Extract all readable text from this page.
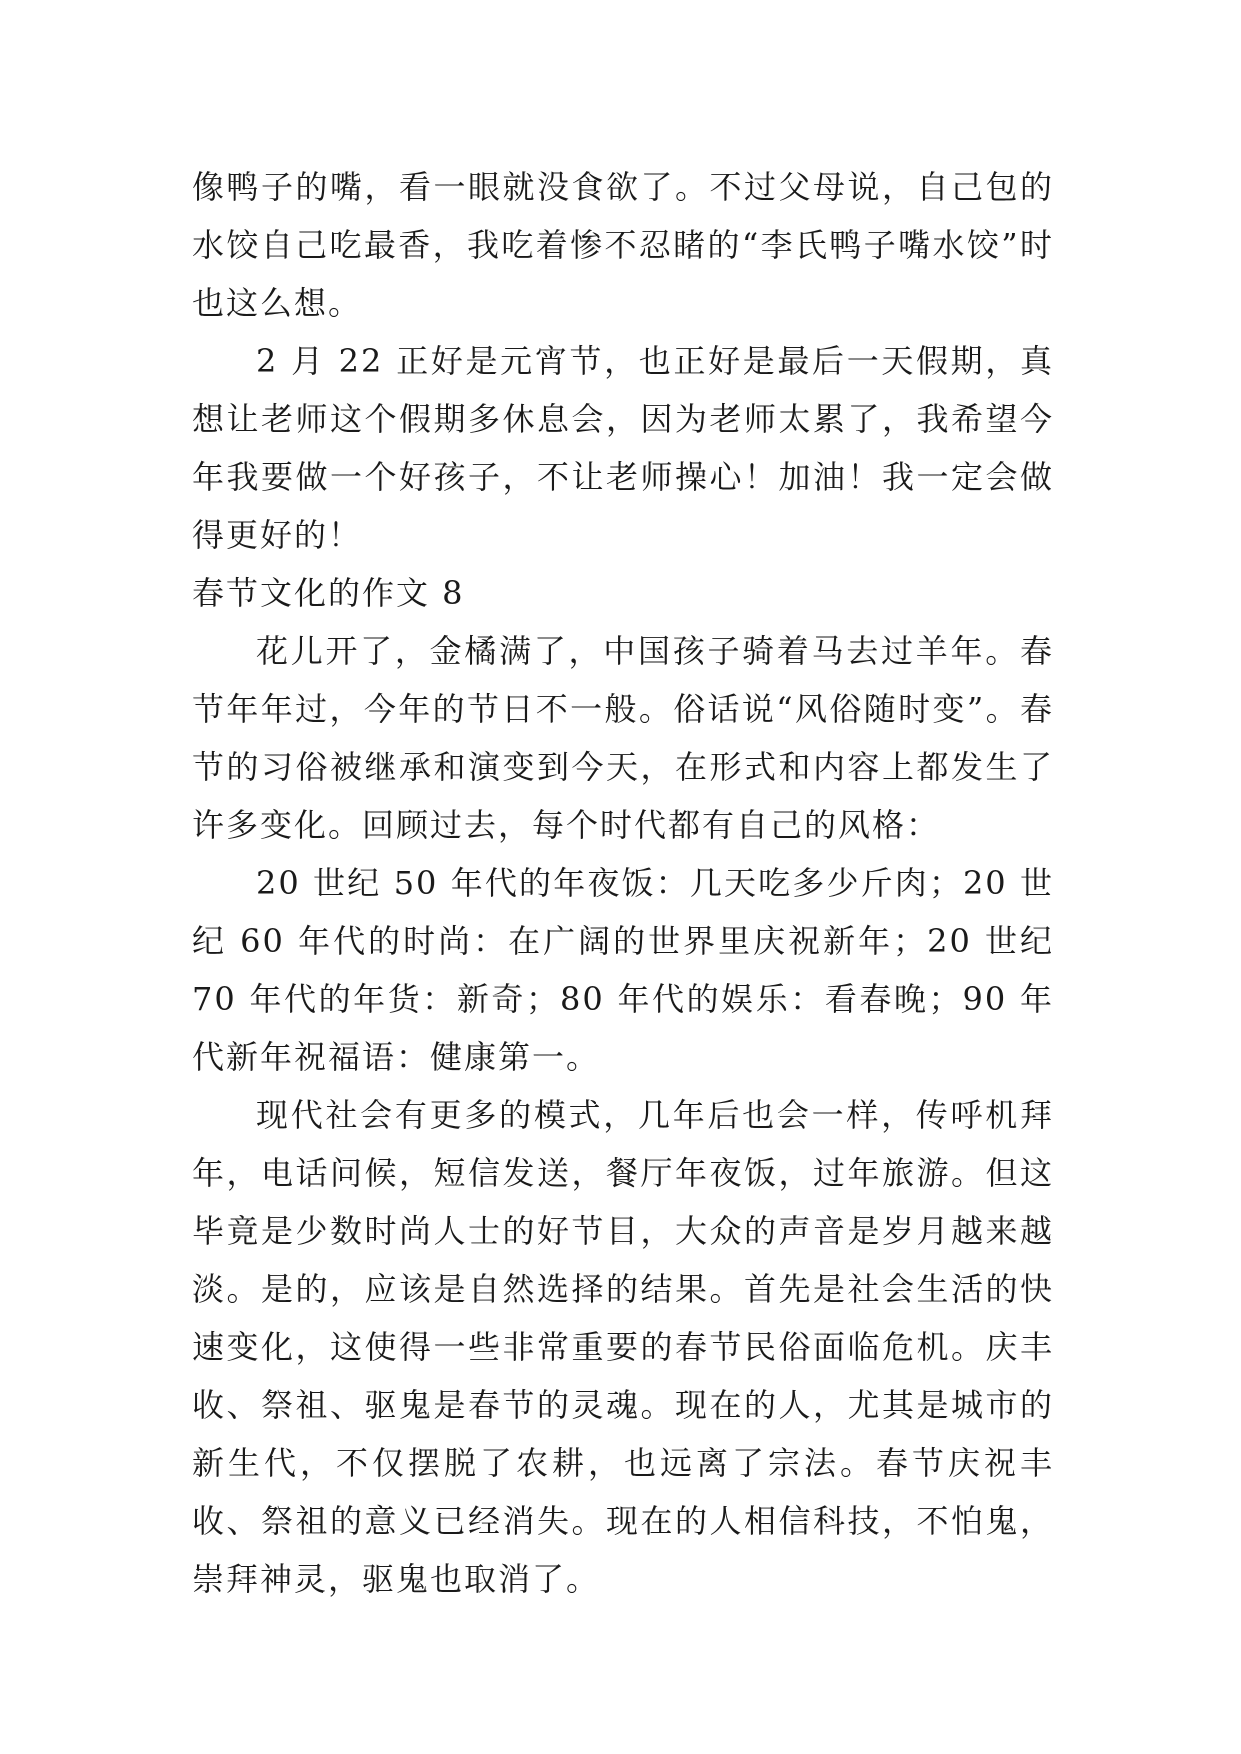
像鸭子的嘴，看一眼就没食欲了。不过父母说，自己包的水饺自己吃最香，我吃着惨不忍睹的“李氏鸭子嘴水饺”时也这么想。

2 月 22 正好是元宵节，也正好是最后一天假期，真想让老师这个假期多休息会，因为老师太累了，我希望今年我要做一个好孩子，不让老师操心！加油！我一定会做得更好的！

春节文化的作文 8

花儿开了，金橘满了，中国孩子骑着马去过羊年。春节年年过，今年的节日不一般。俗话说“风俗随时变”。春节的习俗被继承和演变到今天，在形式和内容上都发生了许多变化。回顾过去，每个时代都有自己的风格：

20 世纪 50 年代的年夜饭：几天吃多少斤肉；20 世纪 60 年代的时尚：在广阔的世界里庆祝新年；20 世纪 70 年代的年货：新奇；80 年代的娱乐：看春晚；90 年代新年祝福语：健康第一。

现代社会有更多的模式，几年后也会一样，传呼机拜年，电话问候，短信发送，餐厅年夜饭，过年旅游。但这毕竟是少数时尚人士的好节目，大众的声音是岁月越来越淡。是的，应该是自然选择的结果。首先是社会生活的快速变化，这使得一些非常重要的春节民俗面临危机。庆丰收、祭祖、驱鬼是春节的灵魂。现在的人，尤其是城市的新生代，不仅摆脱了农耕，也远离了宗法。春节庆祝丰收、祭祖的意义已经消失。现在的人相信科技，不怕鬼，崇拜神灵，驱鬼也取消了。
